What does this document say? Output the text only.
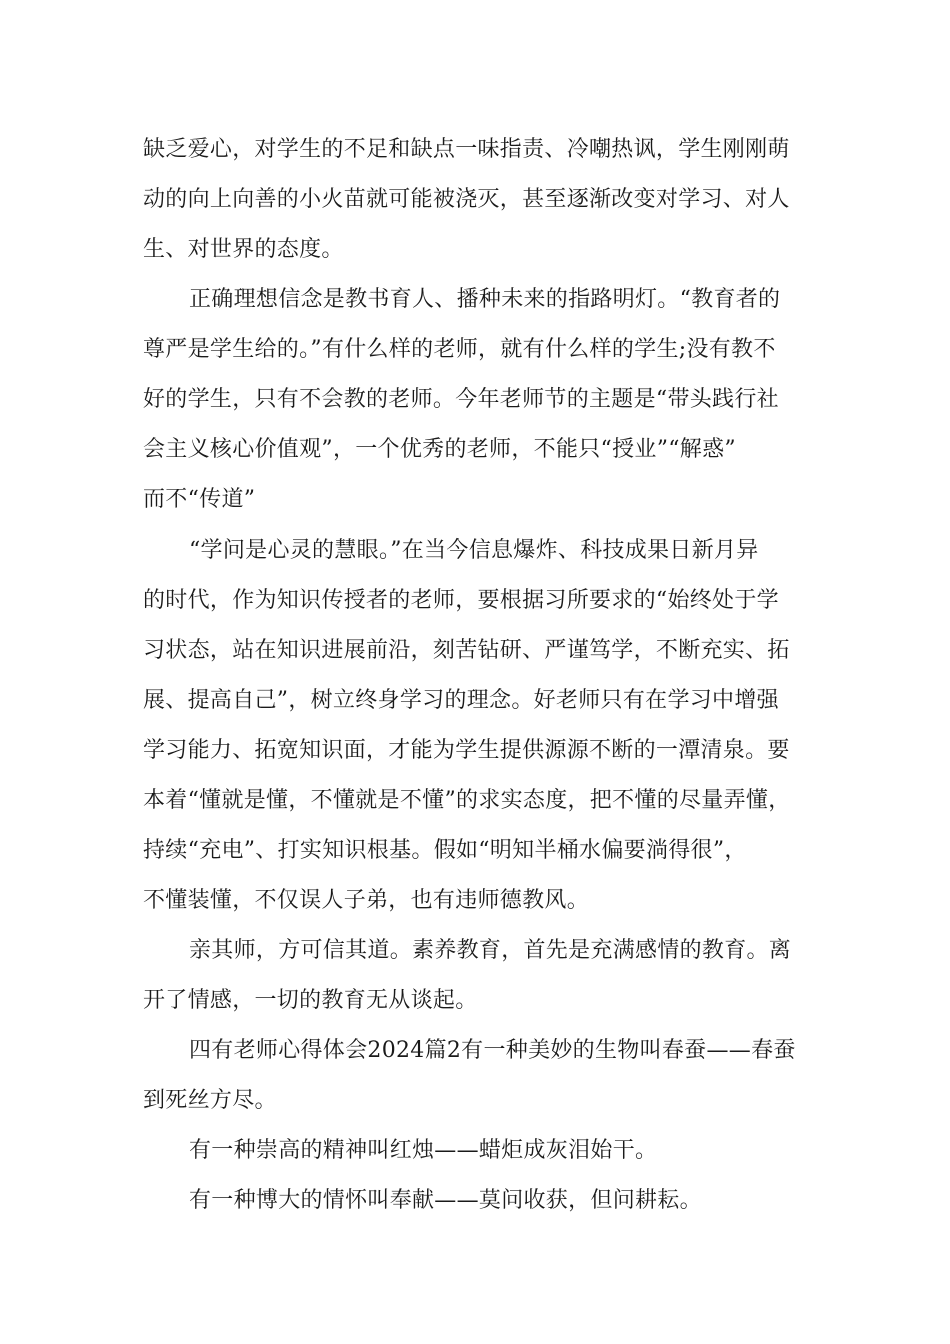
缺乏爱心，对学生的不足和缺点一味指责、冷嘲热讽，学生刚刚萌
动的向上向善的小火苗就可能被浇灭，甚至逐渐改变对学习、对人
生、对世界的态度。
正确理想信念是教书育人、播种未来的指路明灯。“教育者的
尊严是学生给的。”有什么样的老师，就有什么样的学生;没有教不
好的学生，只有不会教的老师。今年老师节的主题是“带头践行社
会主义核心价值观”，一个优秀的老师，不能只“授业”“解惑”
而不“传道”
“学问是心灵的慧眼。”在当今信息爆炸、科技成果日新月异
的时代，作为知识传授者的老师，要根据习所要求的“始终处于学
习状态，站在知识进展前沿，刻苦钻研、严谨笃学，不断充实、拓
展、提高自己”，树立终身学习的理念。好老师只有在学习中增强
学习能力、拓宽知识面，才能为学生提供源源不断的一潭清泉。要
本着“懂就是懂，不懂就是不懂”的求实态度，把不懂的尽量弄懂，
持续“充电”、打实知识根基。假如“明知半桶水偏要淌得很”，
不懂装懂，不仅误人子弟，也有违师德教风。
亲其师，方可信其道。素养教育，首先是充满感情的教育。离
开了情感，一切的教育无从谈起。
四有老师心得体会2024篇2有一种美妙的生物叫春蚕——春蚕
到死丝方尽。
有一种崇高的精神叫红烛——蜡炬成灰泪始干。
有一种博大的情怀叫奉献——莫问收获，但问耕耘。
